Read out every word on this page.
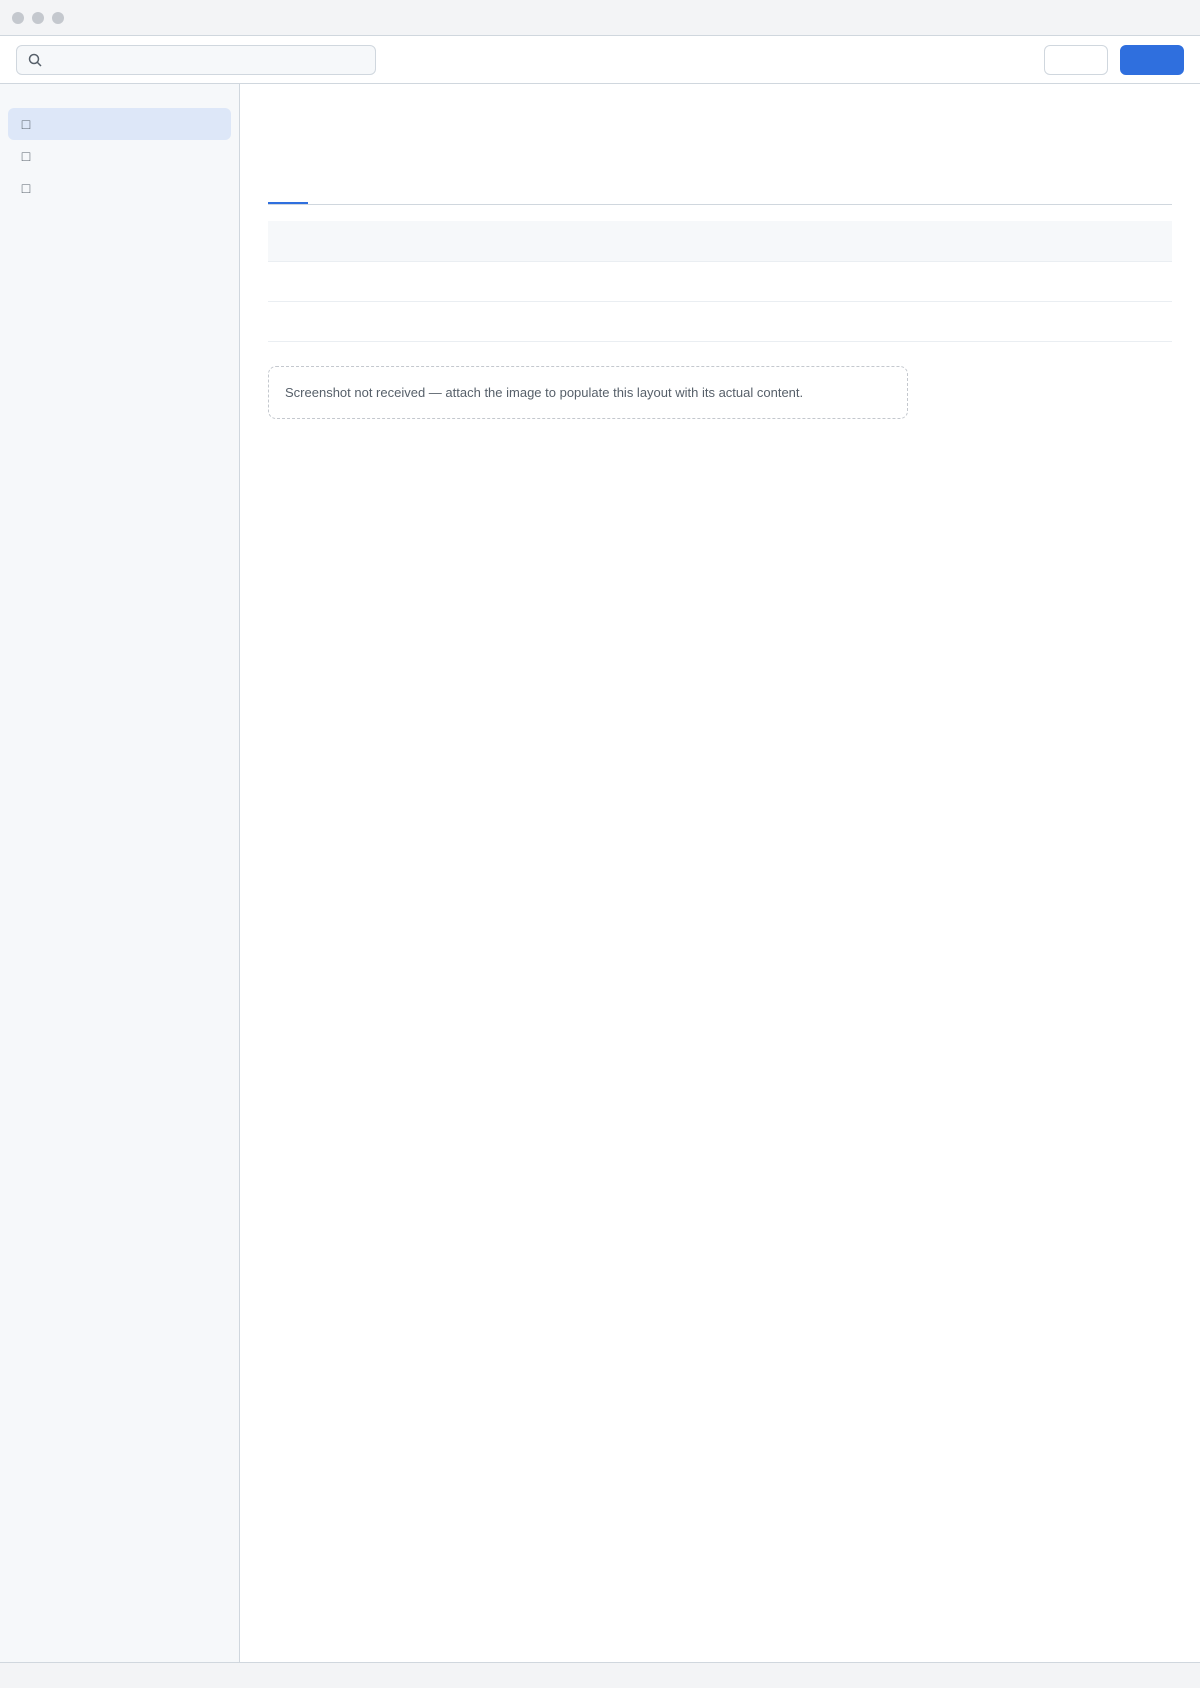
□
□
□

Screenshot not received — attach the image to populate this layout with its actual content.
